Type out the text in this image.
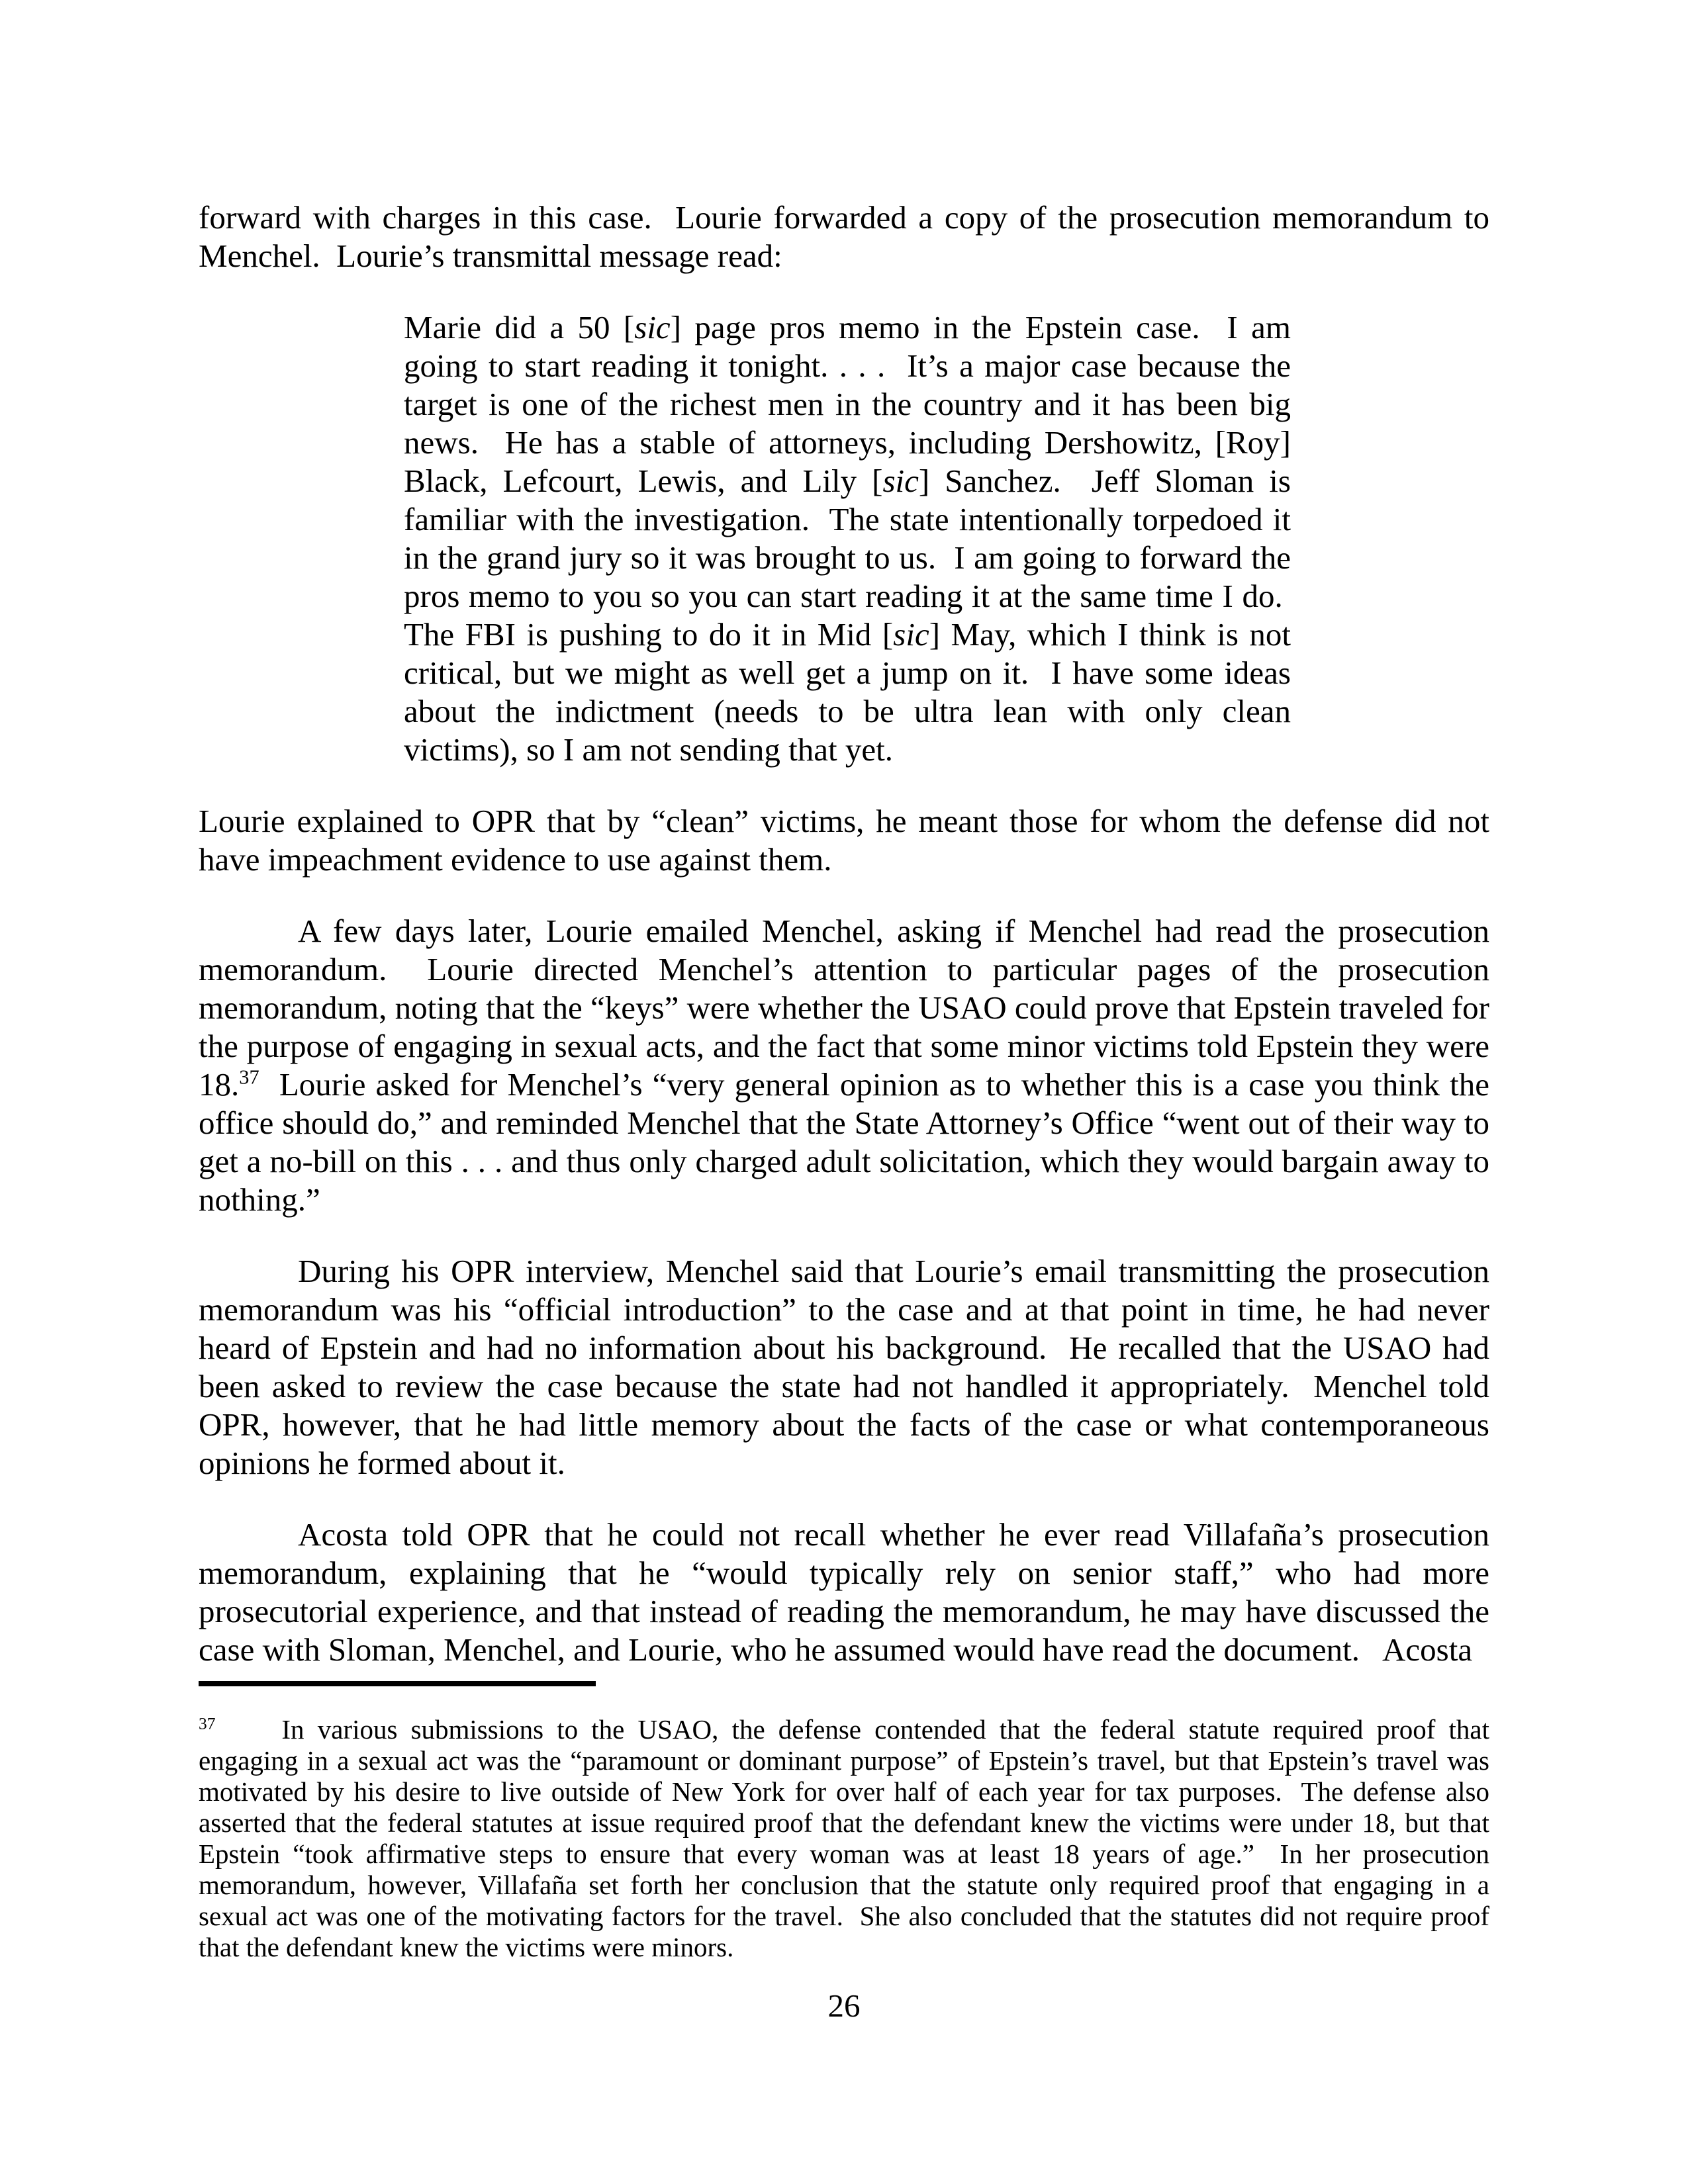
forward with charges in this case.  Lourie forwarded a copy of the prosecution memorandum to Menchel.  Lourie’s transmittal message read:

Marie did a 50 [sic] page pros memo in the Epstein case.  I am going to start reading it tonight. . . .  It’s a major case because the target is one of the richest men in the country and it has been big news.  He has a stable of attorneys, including Dershowitz, [Roy] Black, Lefcourt, Lewis, and Lily [sic] Sanchez.  Jeff Sloman is familiar with the investigation.  The state intentionally torpedoed it in the grand jury so it was brought to us.  I am going to forward the pros memo to you so you can start reading it at the same time I do.  The FBI is pushing to do it in Mid [sic] May, which I think is not critical, but we might as well get a jump on it.  I have some ideas about the indictment (needs to be ultra lean with only clean victims), so I am not sending that yet.

Lourie explained to OPR that by “clean” victims, he meant those for whom the defense did not have impeachment evidence to use against them.

A few days later, Lourie emailed Menchel, asking if Menchel had read the prosecution memorandum.  Lourie directed Menchel’s attention to particular pages of the prosecution memorandum, noting that the “keys” were whether the USAO could prove that Epstein traveled for the purpose of engaging in sexual acts, and the fact that some minor victims told Epstein they were 18.37  Lourie asked for Menchel’s “very general opinion as to whether this is a case you think the office should do,” and reminded Menchel that the State Attorney’s Office “went out of their way to get a no-bill on this . . . and thus only charged adult solicitation, which they would bargain away to nothing.”

During his OPR interview, Menchel said that Lourie’s email transmitting the prosecution memorandum was his “official introduction” to the case and at that point in time, he had never heard of Epstein and had no information about his background.  He recalled that the USAO had been asked to review the case because the state had not handled it appropriately.  Menchel told OPR, however, that he had little memory about the facts of the case or what contemporaneous opinions he formed about it.

Acosta told OPR that he could not recall whether he ever read Villafaña’s prosecution memorandum, explaining that he “would typically rely on senior staff,” who had more prosecutorial experience, and that instead of reading the memorandum, he may have discussed the case with Sloman, Menchel, and Lourie, who he assumed would have read the document.   Acosta

$^{37}$ In various submissions to the USAO, the defense contended that the federal statute required proof that engaging in a sexual act was the “paramount or dominant purpose” of Epstein’s travel, but that Epstein’s travel was motivated by his desire to live outside of New York for over half of each year for tax purposes.  The defense also asserted that the federal statutes at issue required proof that the defendant knew the victims were under 18, but that Epstein “took affirmative steps to ensure that every woman was at least 18 years of age.”  In her prosecution memorandum, however, Villafaña set forth her conclusion that the statute only required proof that engaging in a sexual act was one of the motivating factors for the travel.  She also concluded that the statutes did not require proof that the defendant knew the victims were minors.

26
